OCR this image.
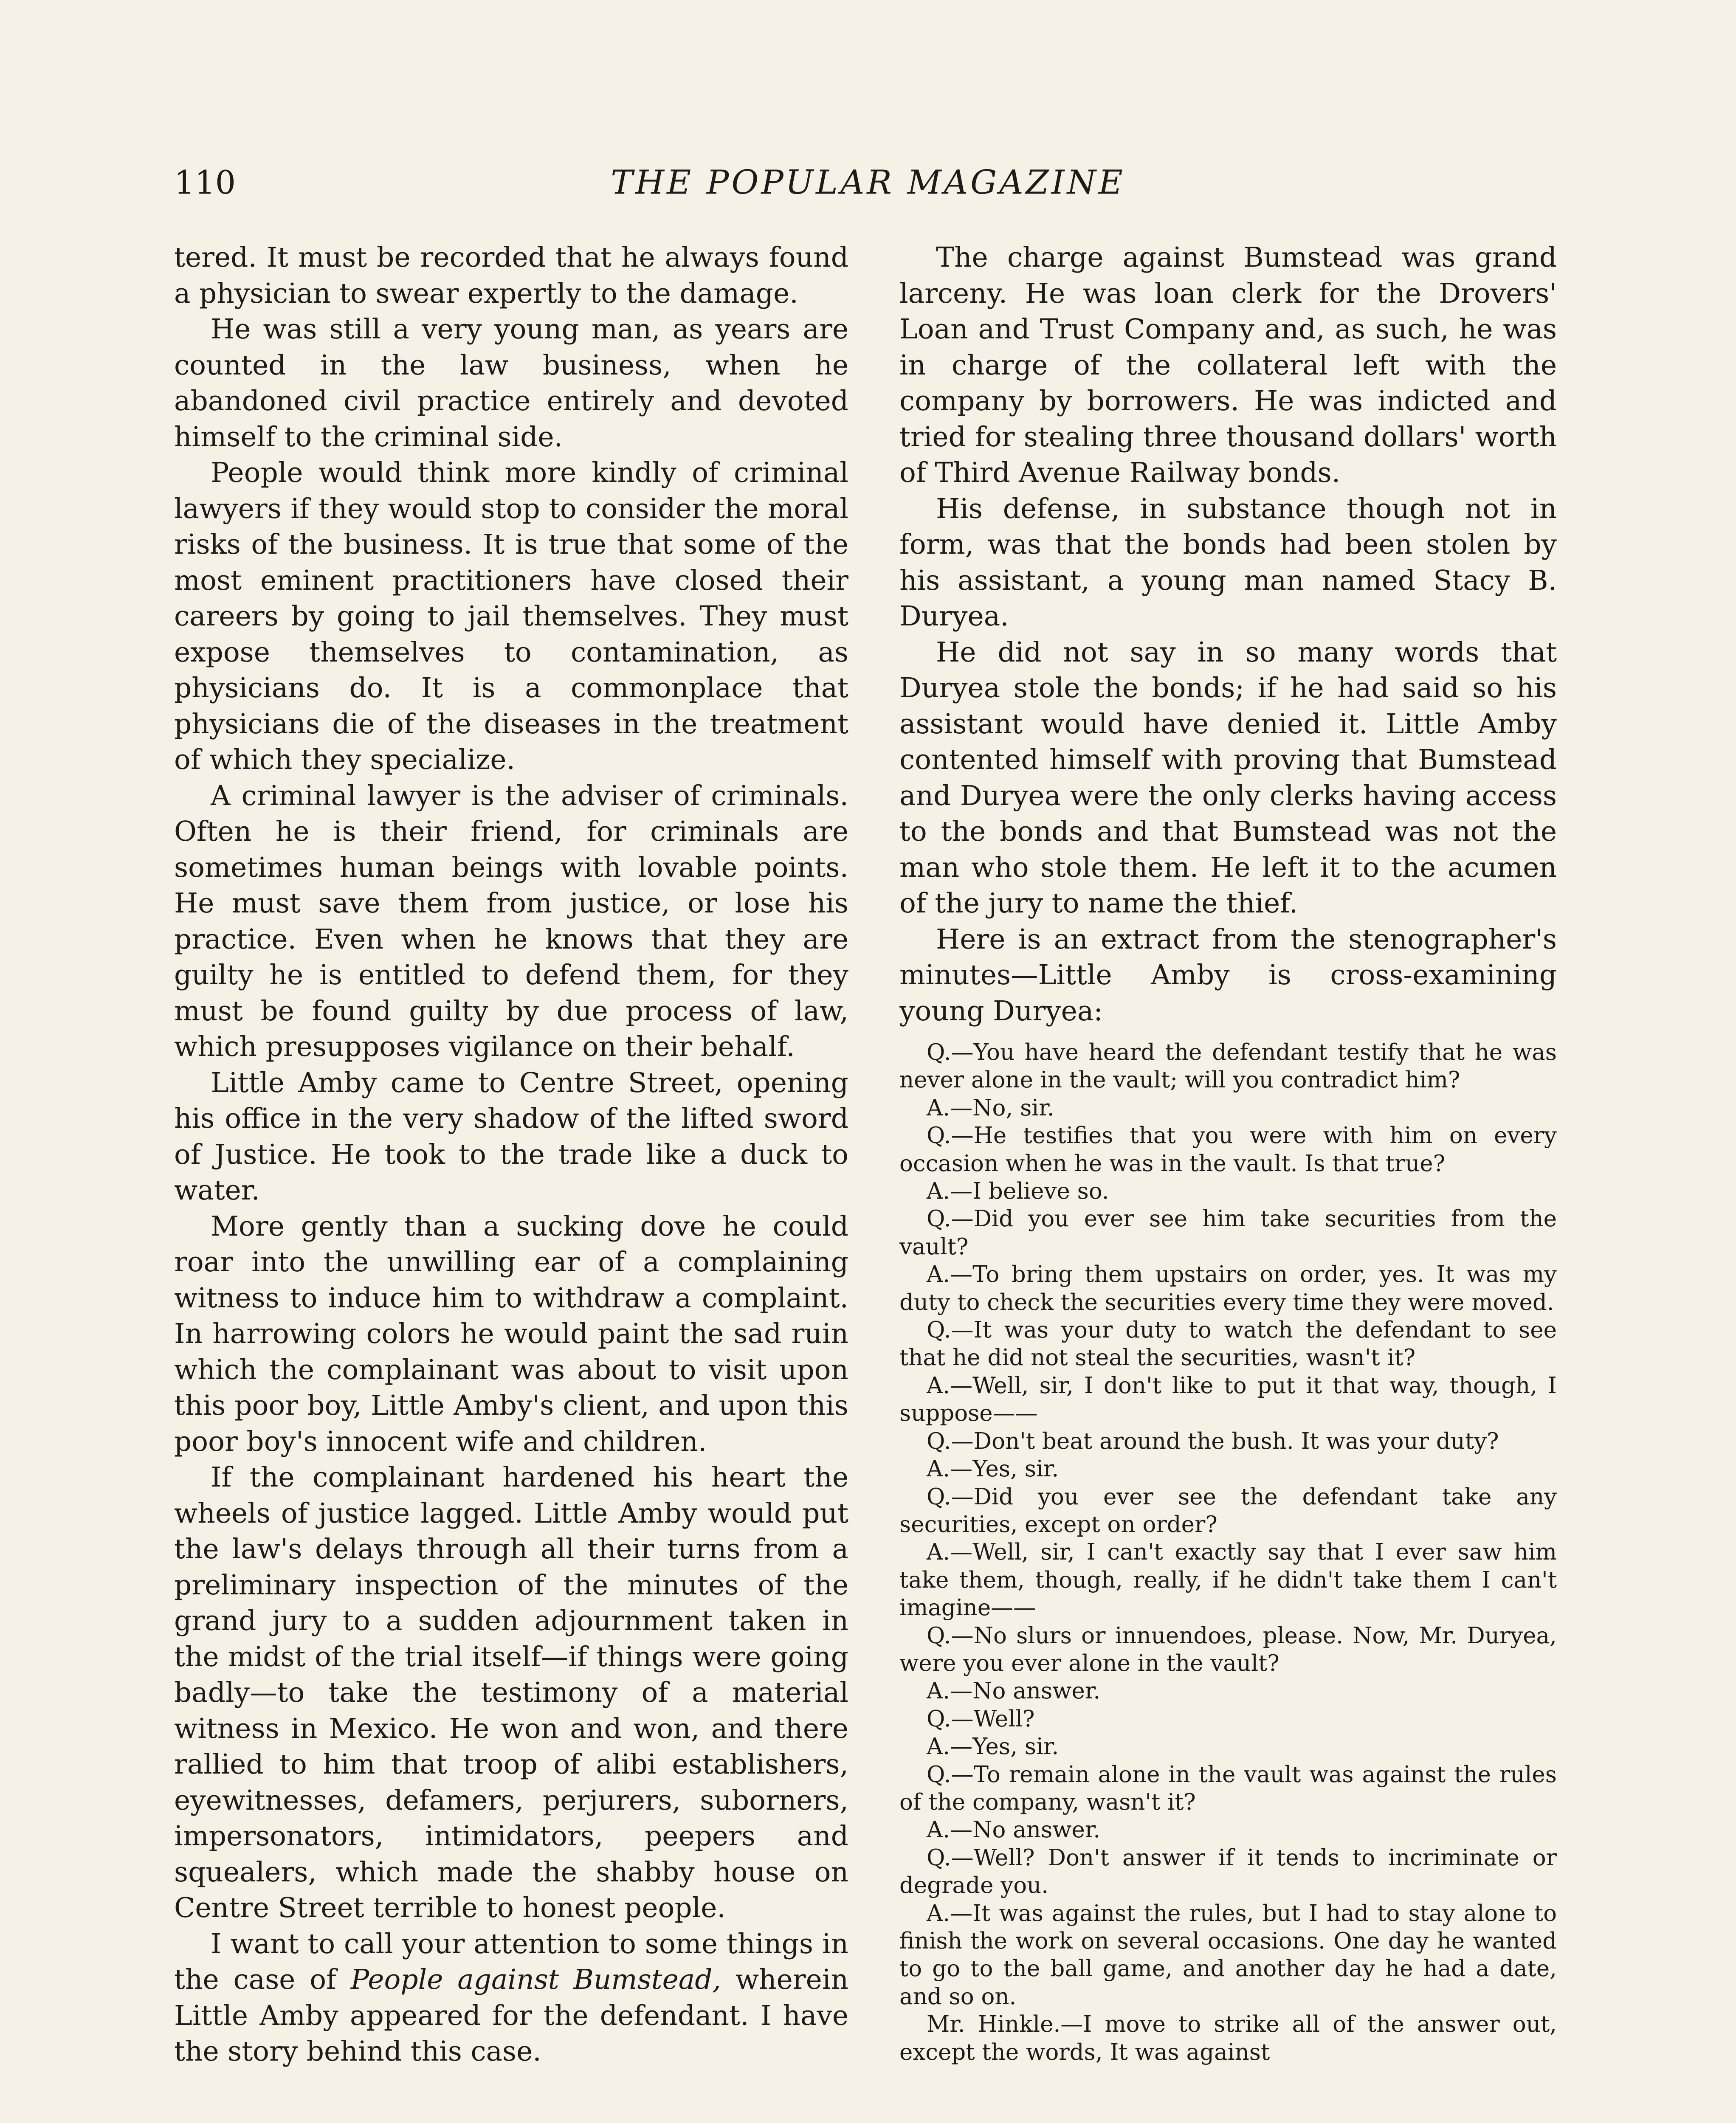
110	THE POPULAR MAGAZINE

tered. It must be recorded that he always found a physician to swear expertly to the damage.

He was still a very young man, as years are counted in the law business, when he abandoned civil practice entirely and devoted himself to the criminal side.

People would think more kindly of criminal lawyers if they would stop to consider the moral risks of the business. It is true that some of the most eminent practitioners have closed their careers by going to jail themselves. They must expose themselves to contamination, as physicians do. It is a commonplace that physicians die of the diseases in the treatment of which they specialize.

A criminal lawyer is the adviser of criminals. Often he is their friend, for criminals are sometimes human beings with lovable points. He must save them from justice, or lose his practice. Even when he knows that they are guilty he is entitled to defend them, for they must be found guilty by due process of law, which presupposes vigilance on their behalf.

Little Amby came to Centre Street, opening his office in the very shadow of the lifted sword of Justice. He took to the trade like a duck to water.

More gently than a sucking dove he could roar into the unwilling ear of a complaining witness to induce him to withdraw a complaint. In harrowing colors he would paint the sad ruin which the complainant was about to visit upon this poor boy, Little Amby's client, and upon this poor boy's innocent wife and children.

If the complainant hardened his heart the wheels of justice lagged. Little Amby would put the law's delays through all their turns from a preliminary inspection of the minutes of the grand jury to a sudden adjournment taken in the midst of the trial itself—if things were going badly—to take the testimony of a material witness in Mexico. He won and won, and there rallied to him that troop of alibi establishers, eyewitnesses, defamers, perjurers, suborners, impersonators, intimidators, peepers and squealers, which made the shabby house on Centre Street terrible to honest people.

I want to call your attention to some things in the case of People against Bumstead, wherein Little Amby appeared for the defendant. I have the story behind this case.

The charge against Bumstead was grand larceny. He was loan clerk for the Drovers' Loan and Trust Company and, as such, he was in charge of the collateral left with the company by borrowers. He was indicted and tried for stealing three thousand dollars' worth of Third Avenue Railway bonds.

His defense, in substance though not in form, was that the bonds had been stolen by his assistant, a young man named Stacy B. Duryea.

He did not say in so many words that Duryea stole the bonds; if he had said so his assistant would have denied it. Little Amby contented himself with proving that Bumstead and Duryea were the only clerks having access to the bonds and that Bumstead was not the man who stole them. He left it to the acumen of the jury to name the thief.

Here is an extract from the stenographer's minutes—Little Amby is cross-examining young Duryea:

Q.—You have heard the defendant testify that he was never alone in the vault; will you contradict him?

A.—No, sir.

Q.—He testifies that you were with him on every occasion when he was in the vault. Is that true?

A.—I believe so.

Q.—Did you ever see him take securities from the vault?

A.—To bring them upstairs on order, yes. It was my duty to check the securities every time they were moved.

Q.—It was your duty to watch the defendant to see that he did not steal the securities, wasn't it?

A.—Well, sir, I don't like to put it that way, though, I suppose——

Q.—Don't beat around the bush. It was your duty?

A.—Yes, sir.

Q.—Did you ever see the defendant take any securities, except on order?

A.—Well, sir, I can't exactly say that I ever saw him take them, though, really, if he didn't take them I can't imagine——

Q.—No slurs or innuendoes, please. Now, Mr. Duryea, were you ever alone in the vault?

A.—No answer.

Q.—Well?

A.—Yes, sir.

Q.—To remain alone in the vault was against the rules of the company, wasn't it?

A.—No answer.

Q.—Well? Don't answer if it tends to incriminate or degrade you.

A.—It was against the rules, but I had to stay alone to finish the work on several occasions. One day he wanted to go to the ball game, and another day he had a date, and so on.

Mr. Hinkle.—I move to strike all of the answer out, except the words, It was against
